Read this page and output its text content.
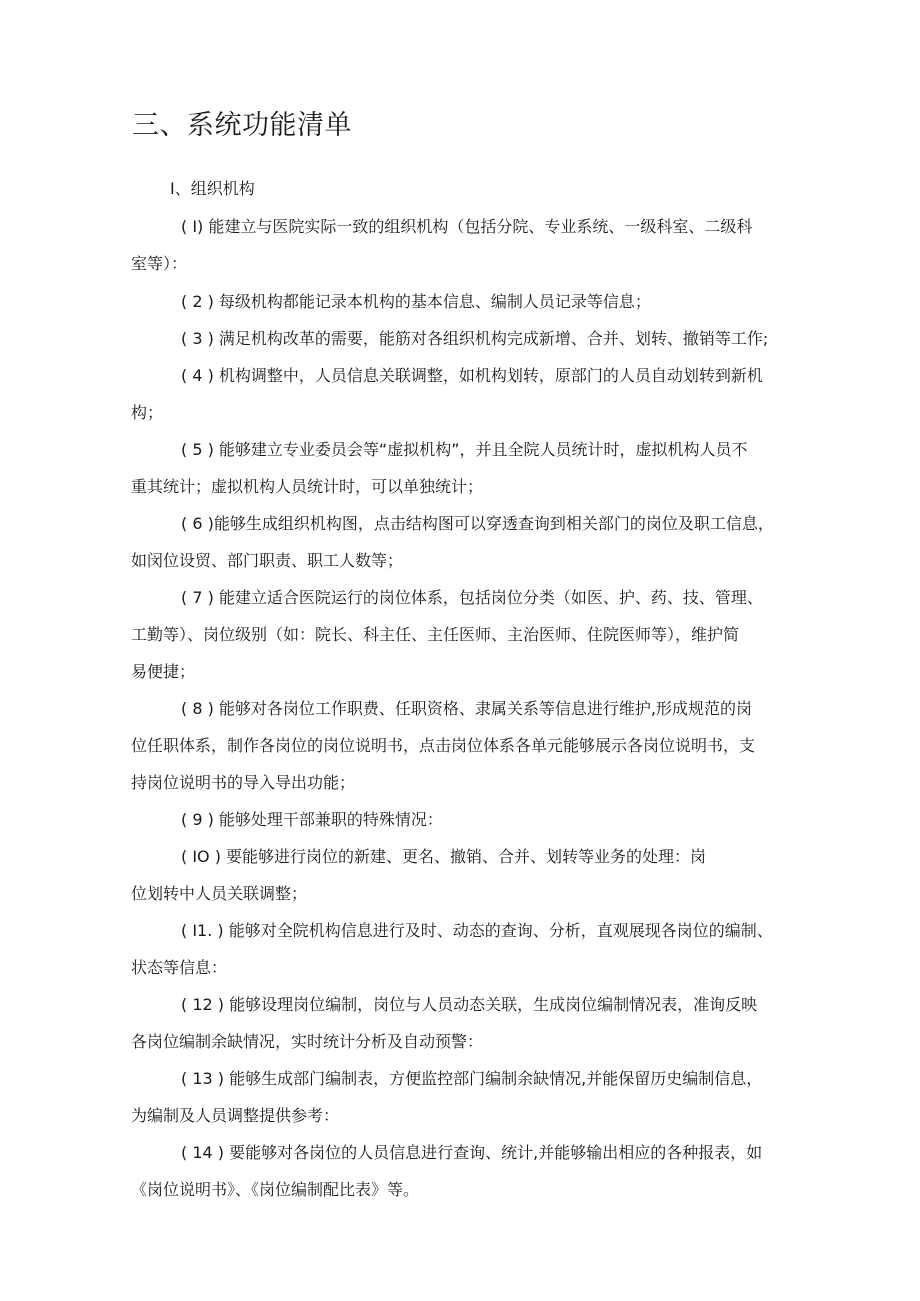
三、系统功能清单

I、组织机构

( I) 能建立与医院实际一致的组织机构（包括分院、专业系统、一级科室、二级科

室等）：

( 2 ) 每级机构都能记录本机构的基本信息、编制人员记录等信息；

( 3 ) 满足机构改革的需要，能筋对各组织机构完成新增、合并、划转、撤销等工作;

( 4 ) 机构调整中，人员信息关联调整，如机构划转，原部门的人员自动划转到新机

构；

( 5 ) 能够建立专业委员会等“虚拟机构”，并且全院人员统计时，虚拟机构人员不

重其统计；虚拟机构人员统计时，可以单独统计；

( 6 )能够生成组织机构图，点击结构图可以穿透查询到相关部门的岗位及职工信息，

如闵位设贸、部门职责、职工人数等；

( 7 ) 能建立适合医院运行的岗位体系，包括岗位分类（如医、护、药、技、管理、

工勤等）、岗位级别（如：院长、科主任、主任医师、主治医师、住院医师等），维护简

易便捷；

( 8 ) 能够对各岗位工作职费、任职资格、隶属关系等信息进行维护,形成规范的岗

位任职体系，制作各岗位的岗位说明书，点击岗位体系各单元能够展示各岗位说明书，支

持岗位说明书的导入导出功能；

( 9 ) 能够处理干部兼职的特殊情况：

( IO ) 要能够进行岗位的新建、更名、撤销、合并、划转等业务的处理：岗

位划转中人员关联调整；

( I1. ) 能够对全院机构信息进行及时、动态的查询、分析，直观展现各岗位的编制、

状态等信息：

( 12 ) 能够设理岗位编制，岗位与人员动态关联，生成岗位编制情况表，准询反映

各岗位编制余缺情况，实时统计分析及自动预警：

( 13 ) 能够生成部门编制表，方便监控部门编制余缺情况,并能保留历史编制信息，

为编制及人员调整提供参考：

( 14 ) 要能够对各岗位的人员信息进行查询、统计,并能够输出相应的各种报表，如

《岗位说明书》、《岗位编制配比表》等。
